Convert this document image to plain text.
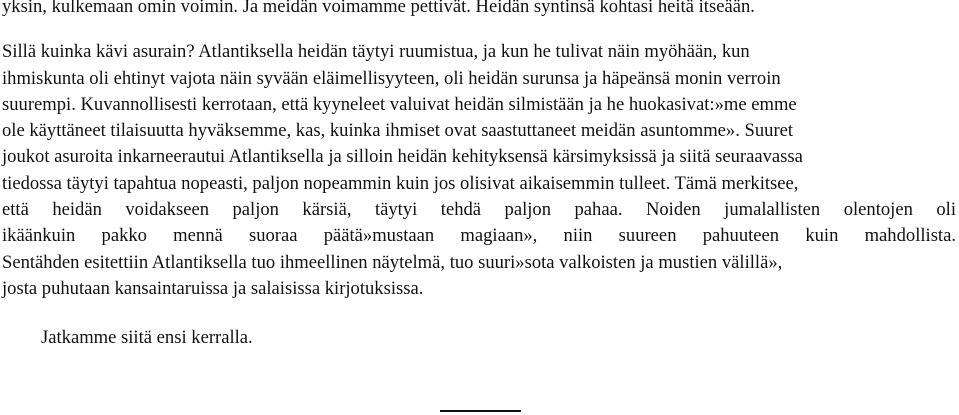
yksin, kulkemaan omin voimin. Ja meidän voimamme pettivät. Heidän syntinsä kohtasi heitä itseään.
Sillä kuinka kävi asurain? Atlantiksella heidän täytyi ruumistua, ja kun he tulivat näin myöhään, kun
ihmiskunta oli ehtinyt vajota näin syvään eläimellisyyteen, oli heidän surunsa ja häpeänsä monin verroin
suurempi. Kuvannollisesti kerrotaan, että kyyneleet valuivat heidän silmistään ja he huokasivat:»me emme
ole käyttäneet tilaisuutta hyväksemme, kas, kuinka ihmiset ovat saastuttaneet meidän asuntomme». Suuret
joukot asuroita inkarneerautui Atlantiksella ja silloin heidän kehityksensä kärsimyksissä ja siitä seuraavassa
tiedossa täytyi tapahtua nopeasti, paljon nopeammin kuin jos olisivat aikaisemmin tulleet. Tämä merkitsee,
että heidän voidakseen paljon kärsiä, täytyi tehdä paljon pahaa. Noiden jumalallisten olentojen oli
ikäänkuin pakko mennä suoraa päätä»mustaan magiaan», niin suureen pahuuteen kuin mahdollista.
Sentähden esitettiin Atlantiksella tuo ihmeellinen näytelmä, tuo suuri»sota valkoisten ja mustien välillä»,
josta puhutaan kansaintaruissa ja salaisissa kirjotuksissa.
Jatkamme siitä ensi kerralla.
